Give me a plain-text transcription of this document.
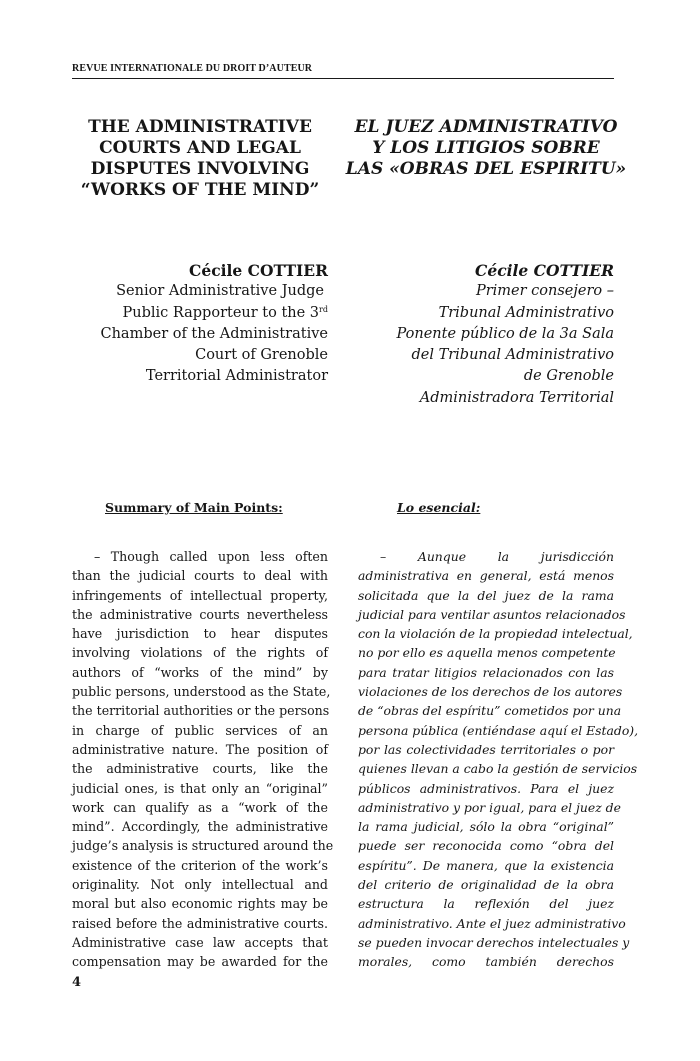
REVUE INTERNATIONALE DU DROIT D’AUTEUR
THE ADMINISTRATIVE
COURTS AND LEGAL
DISPUTES INVOLVING
“WORKS OF THE MIND”
EL JUEZ ADMINISTRATIVO
Y LOS LITIGIOS SOBRE
LAS «OBRAS DEL ESPIRITU»
Cécile COTTIER
Senior Administrative Judge
Public Rapporteur to the 3rd
Chamber of the Administrative
Court of Grenoble
Territorial Administrator
Cécile COTTIER
Primer consejero –
Tribunal Administrativo
Ponente público de la 3a Sala
del Tribunal Administrativo
de Grenoble
Administradora Territorial
Summary of Main Points:	Lo esencial:
– Though called upon less often
than the judicial courts to deal with
infringements of intellectual property,
the administrative courts nevertheless
have jurisdiction to hear disputes
involving violations of the rights of
authors of “works of the mind” by
public persons, understood as the State,
the territorial authorities or the persons
in charge of public services of an
administrative nature. The position of
the administrative courts, like the
judicial ones, is that only an “original”
work can qualify as a “work of the
mind”. Accordingly, the administrative
judge’s analysis is structured around the
existence of the criterion of the work’s
originality. Not only intellectual and
moral but also economic rights may be
raised before the administrative courts.
Administrative case law accepts that
compensation may be awarded for the
– Aunque la jurisdicción
administrativa en general, está menos
solicitada que la del juez de la rama
judicial para ventilar asuntos relacionados
con la violación de la propiedad intelectual,
no por ello es aquella menos competente
para tratar litigios relacionados con las
violaciones de los derechos de los autores
de “obras del espíritu” cometidos por una
persona pública (entiéndase aquí el Estado),
por las colectividades territoriales o por
quienes llevan a cabo la gestión de servicios
públicos administrativos. Para el juez
administrativo y por igual, para el juez de
la rama judicial, sólo la obra “original”
puede ser reconocida como “obra del
espíritu”. De manera, que la existencia
del criterio de originalidad de la obra
estructura la reflexión del juez
administrativo. Ante el juez administrativo
se pueden invocar derechos intelectuales y
morales, como también derechos
4
